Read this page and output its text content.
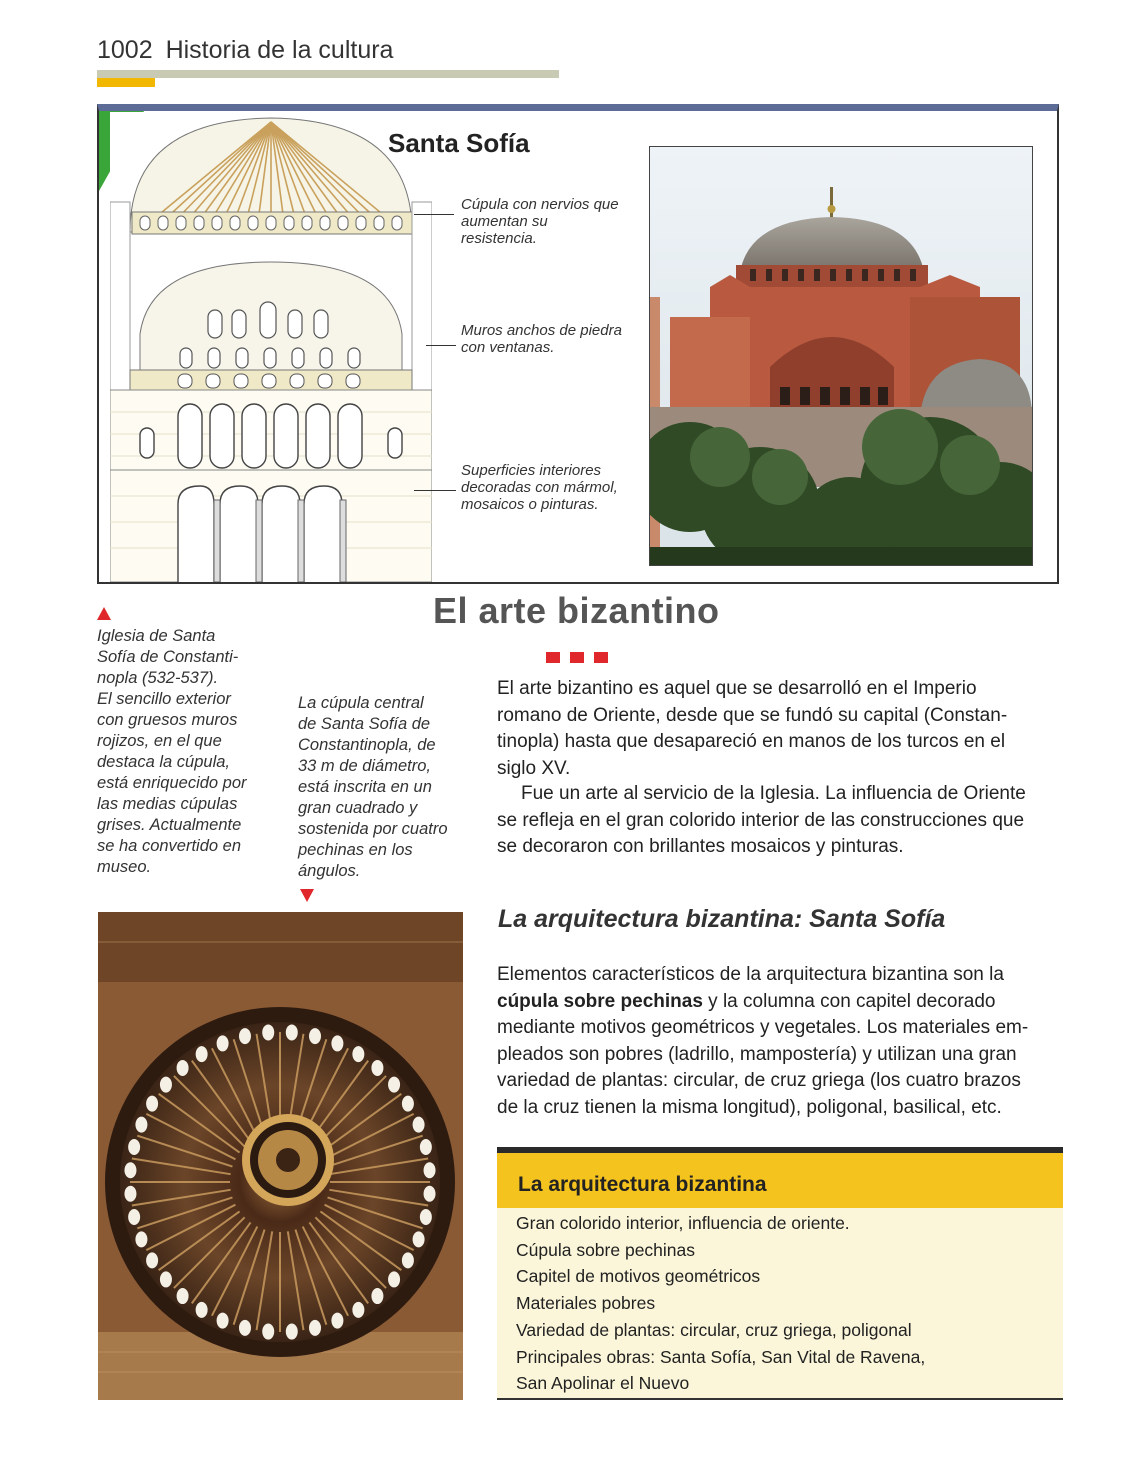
1002 Historia de la cultura
Santa Sofía
Cúpula con nervios que aumentan su resistencia.
Muros anchos de piedra con ventanas.
Superficies interiores decoradas con mármol, mosaicos o pinturas.
Iglesia de Santa
Sofía de Constanti-
nopla (532-537).
El sencillo exterior
con gruesos muros
rojizos, en el que
destaca la cúpula,
está enriquecido por
las medias cúpulas
grises. Actualmente
se ha convertido en
museo.
La cúpula central
de Santa Sofía de
Constantinopla, de
33 m de diámetro,
está inscrita en un
gran cuadrado y
sostenida por cuatro
pechinas en los
ángulos.
El arte bizantino
El arte bizantino es aquel que se desarrolló en el Imperio
romano de Oriente, desde que se fundó su capital (Constan-
tinopla) hasta que desapareció en manos de los turcos en el
siglo XV.
Fue un arte al servicio de la Iglesia. La influencia de Oriente
se refleja en el gran colorido interior de las construcciones que
se decoraron con brillantes mosaicos y pinturas.
La arquitectura bizantina: Santa Sofía
Elementos característicos de la arquitectura bizantina son la
cúpula sobre pechinas y la columna con capitel decorado
mediante motivos geométricos y vegetales. Los materiales em-
pleados son pobres (ladrillo, mampostería) y utilizan una gran
variedad de plantas: circular, de cruz griega (los cuatro brazos
de la cruz tienen la misma longitud), poligonal, basilical, etc.
La arquitectura bizantina
Gran colorido interior, influencia de oriente.
Cúpula sobre pechinas
Capitel de motivos geométricos
Materiales pobres
Variedad de plantas: circular, cruz griega, poligonal
Principales obras: Santa Sofía, San Vital de Ravena,
San Apolinar el Nuevo
